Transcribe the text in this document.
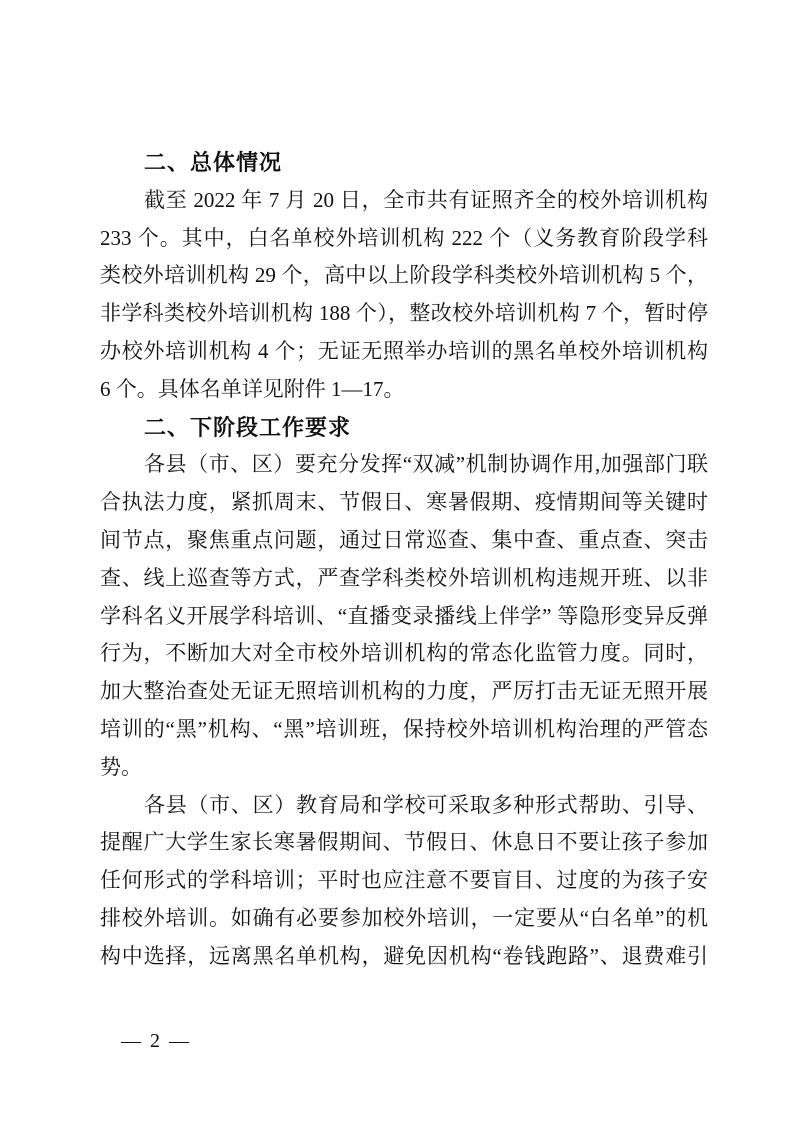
二、总体情况
截至 2022 年 7 月 20 日，全市共有证照齐全的校外培训机构
233 个。其中，白名单校外培训机构 222 个（义务教育阶段学科
类校外培训机构 29 个，高中以上阶段学科类校外培训机构 5 个，
非学科类校外培训机构 188 个），整改校外培训机构 7 个，暂时停
办校外培训机构 4 个；无证无照举办培训的黑名单校外培训机构
6 个。具体名单详见附件 1—17。
二、下阶段工作要求
各县（市、区）要充分发挥“双减”机制协调作用,加强部门联
合执法力度，紧抓周末、节假日、寒暑假期、疫情期间等关键时
间节点，聚焦重点问题，通过日常巡查、集中查、重点查、突击
查、线上巡查等方式，严查学科类校外培训机构违规开班、以非
学科名义开展学科培训、“直播变录播线上伴学” 等隐形变异反弹
行为，不断加大对全市校外培训机构的常态化监管力度。同时，
加大整治查处无证无照培训机构的力度，严厉打击无证无照开展
培训的“黑”机构、“黑”培训班，保持校外培训机构治理的严管态
势。
各县（市、区）教育局和学校可采取多种形式帮助、引导、
提醒广大学生家长寒暑假期间、节假日、休息日不要让孩子参加
任何形式的学科培训；平时也应注意不要盲目、过度的为孩子安
排校外培训。如确有必要参加校外培训，一定要从“白名单”的机
构中选择，远离黑名单机构，避免因机构“卷钱跑路”、退费难引
— 2 —
